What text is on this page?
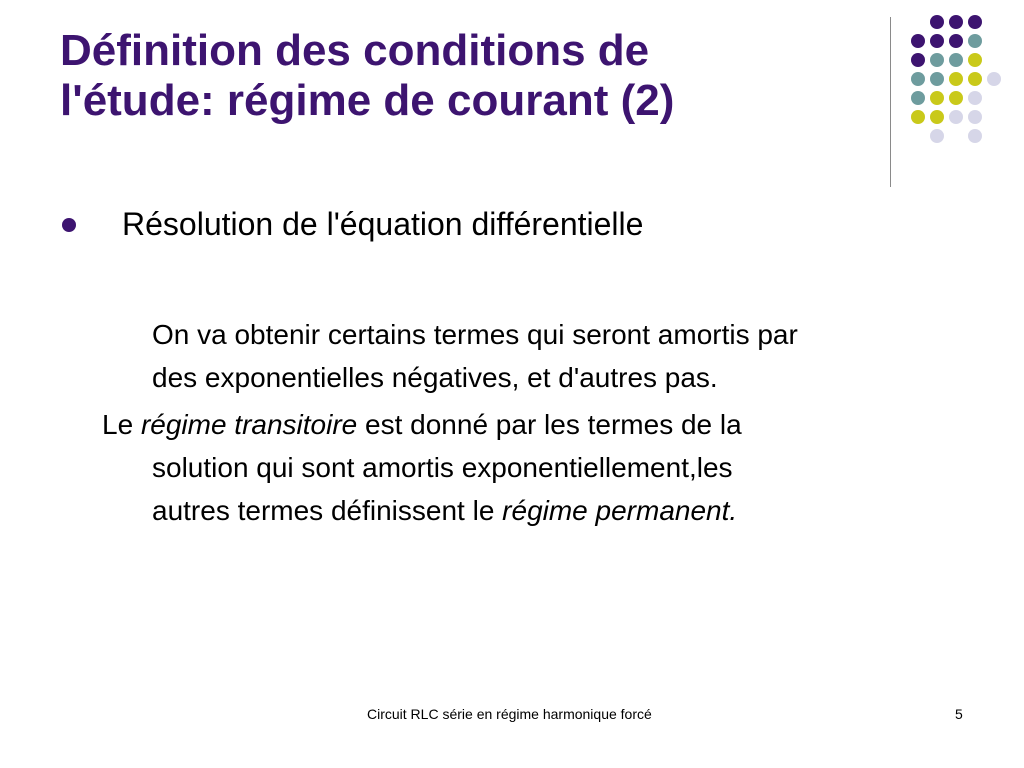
Définition des conditions de
l'étude: régime de courant (2)
Résolution de l'équation différentielle
On va obtenir certains termes qui seront amortis par
des exponentielles négatives, et d'autres pas.
Le régime transitoire est donné par les termes de la
solution qui sont amortis exponentiellement,les
autres termes définissent le régime permanent.
Circuit RLC série en régime harmonique forcé	5
